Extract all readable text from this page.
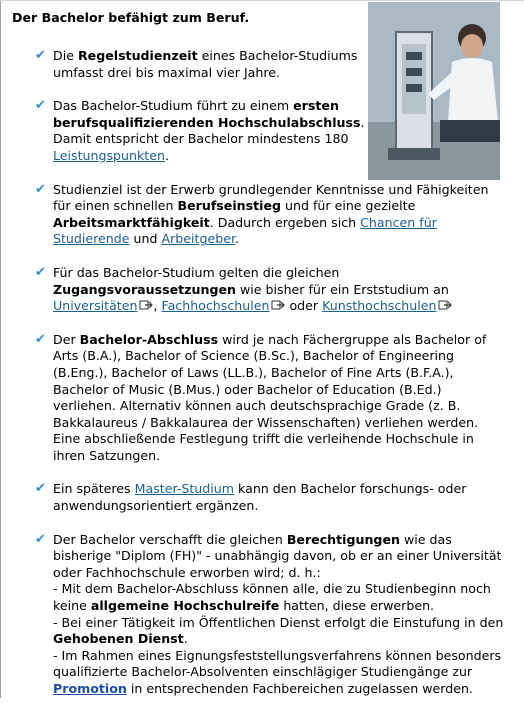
Der Bachelor befähigt zum Beruf.
✔ Die Regelstudienzeit eines Bachelor-Studiums umfasst drei bis maximal vier Jahre.

✔ Das Bachelor-Studium führt zu einem ersten berufsqualifizierenden Hochschulabschluss. Damit entspricht der Bachelor mindestens 180 Leistungspunkten.

✔ Studienziel ist der Erwerb grundlegender Kenntnisse und Fähigkeiten für einen schnellen Berufseinstieg und für eine gezielte Arbeitsmarktfähigkeit. Dadurch ergeben sich Chancen für Studierende und Arbeitgeber.

✔ Für das Bachelor-Studium gelten die gleichen Zugangsvoraussetzungen wie bisher für ein Erststudium an Universitäten , Fachhochschulen oder Kunsthochschulen

✔ Der Bachelor-Abschluss wird je nach Fächergruppe als Bachelor of Arts (B.A.), Bachelor of Science (B.Sc.), Bachelor of Engineering (B.Eng.), Bachelor of Laws (LL.B.), Bachelor of Fine Arts (B.F.A.), Bachelor of Music (B.Mus.) oder Bachelor of Education (B.Ed.) verliehen. Alternativ können auch deutschsprachige Grade (z. B. Bakkalaureus / Bakkalaurea der Wissenschaften) verliehen werden. Eine abschließende Festlegung trifft die verleihende Hochschule in ihren Satzungen.

✔ Ein späteres Master-Studium kann den Bachelor forschungs- oder anwendungsorientiert ergänzen.

✔ Der Bachelor verschafft die gleichen Berechtigungen wie das bisherige "Diplom (FH)" - unabhängig davon, ob er an einer Universität oder Fachhochschule erworben wird; d. h.:
- Mit dem Bachelor-Abschluss können alle, die zu Studienbeginn noch keine allgemeine Hochschulreife hatten, diese erwerben.
- Bei einer Tätigkeit im Öffentlichen Dienst erfolgt die Einstufung in den Gehobenen Dienst.
- Im Rahmen eines Eignungsfeststellungsverfahrens können besonders qualifizierte Bachelor-Absolventen einschlägiger Studiengänge zur Promotion in entsprechenden Fachbereichen zugelassen werden.
